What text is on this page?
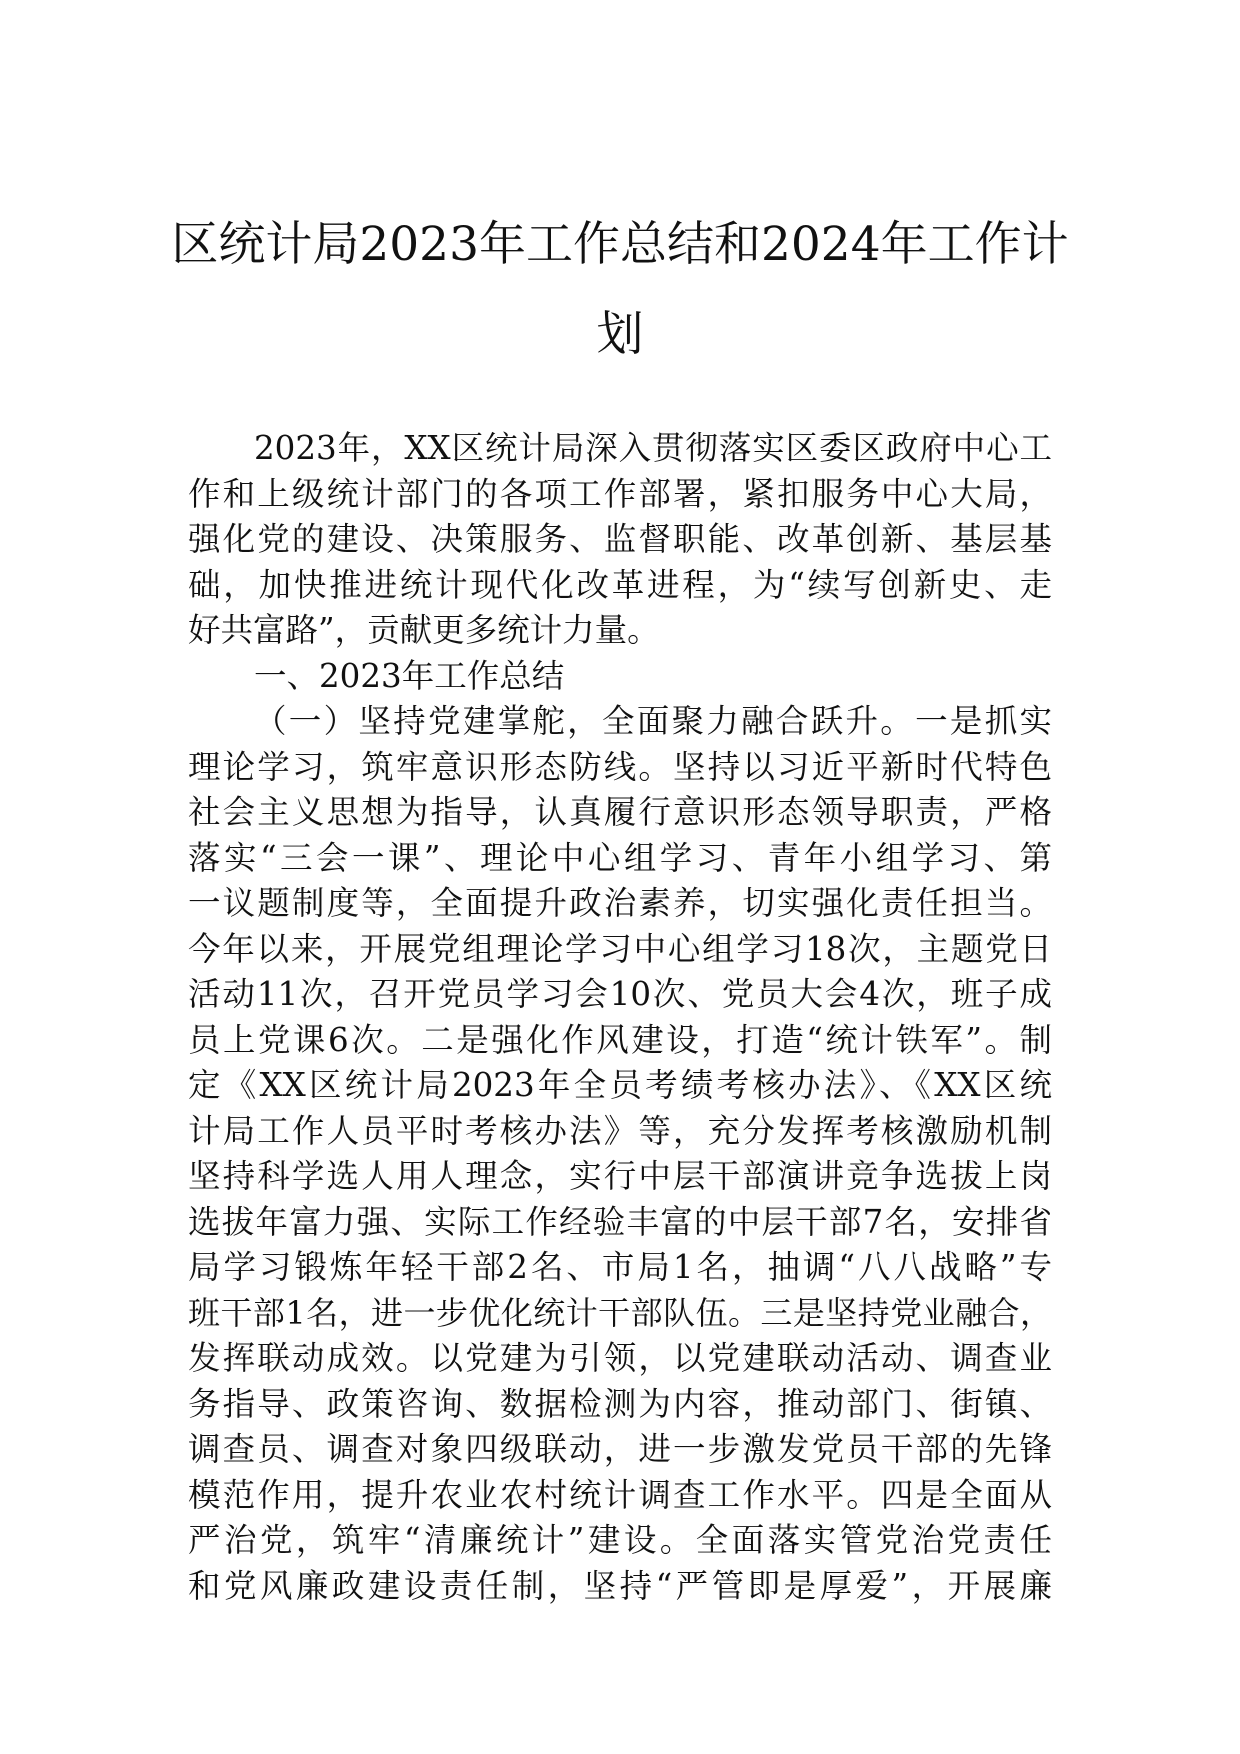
区统计局2023年工作总结和2024年工作计
划
2023年，XX区统计局深入贯彻落实区委区政府中心工
作和上级统计部门的各项工作部署，紧扣服务中心大局，
强化党的建设、决策服务、监督职能、改革创新、基层基
础，加快推进统计现代化改革进程，为“续写创新史、走
好共富路”，贡献更多统计力量。
一、2023年工作总结
（一）坚持党建掌舵，全面聚力融合跃升。一是抓实
理论学习，筑牢意识形态防线。坚持以习近平新时代特色
社会主义思想为指导，认真履行意识形态领导职责，严格
落实“三会一课”、理论中心组学习、青年小组学习、第
一议题制度等，全面提升政治素养，切实强化责任担当。
今年以来，开展党组理论学习中心组学习18次，主题党日
活动11次，召开党员学习会10次、党员大会4次，班子成
员上党课6次。二是强化作风建设，打造“统计铁军”。制
定《XX区统计局2023年全员考绩考核办法》、《XX区统
计局工作人员平时考核办法》等，充分发挥考核激励机制
坚持科学选人用人理念，实行中层干部演讲竞争选拔上岗
选拔年富力强、实际工作经验丰富的中层干部7名，安排省
局学习锻炼年轻干部2名、市局1名，抽调“八八战略”专
班干部1名，进一步优化统计干部队伍。三是坚持党业融合，
发挥联动成效。以党建为引领，以党建联动活动、调查业
务指导、政策咨询、数据检测为内容，推动部门、街镇、
调查员、调查对象四级联动，进一步激发党员干部的先锋
模范作用，提升农业农村统计调查工作水平。四是全面从
严治党，筑牢“清廉统计”建设。全面落实管党治党责任
和党风廉政建设责任制，坚持“严管即是厚爱”，开展廉
